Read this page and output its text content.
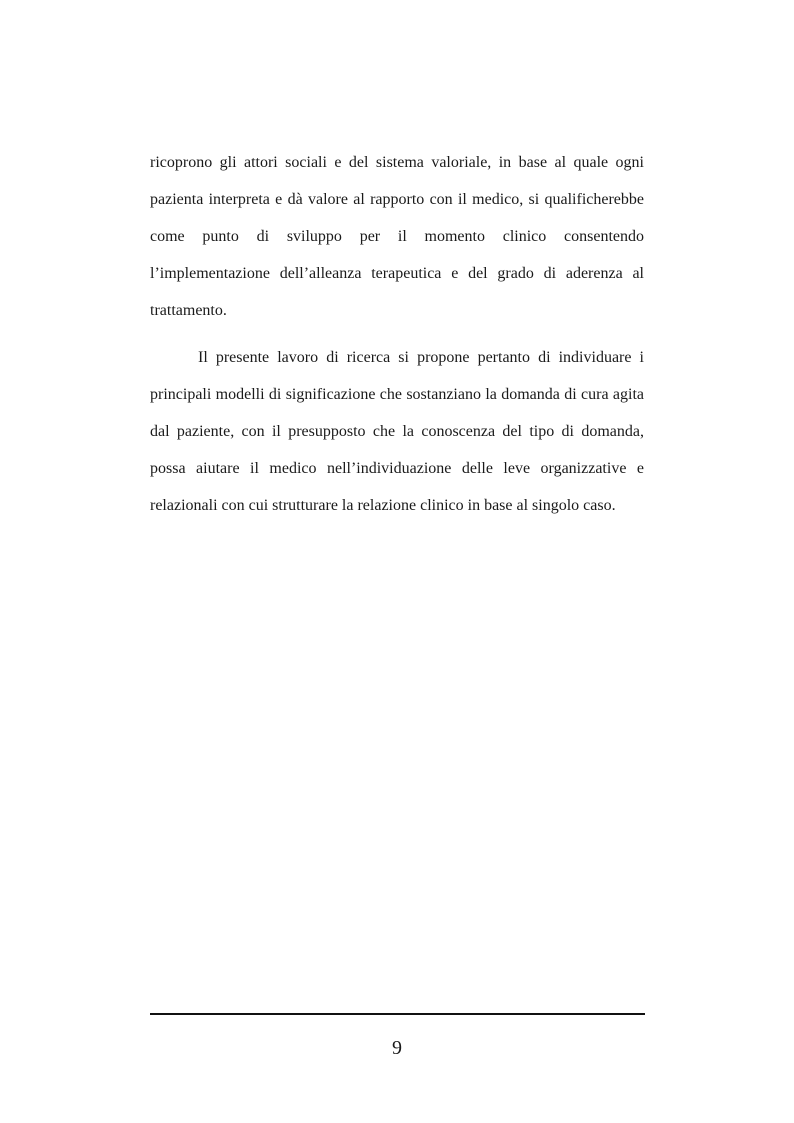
ricoprono gli attori sociali e del sistema valoriale, in base al quale ogni
pazienta interpreta e dà valore al rapporto con il medico, si qualificherebbe
come punto di sviluppo per il momento clinico consentendo
l’implementazione dell’alleanza terapeutica e del grado di aderenza al
trattamento.
Il presente lavoro di ricerca si propone pertanto di individuare i
principali modelli di significazione che sostanziano la domanda di cura agita
dal paziente, con il presupposto che la conoscenza del tipo di domanda,
possa aiutare il medico nell’individuazione delle leve organizzative e
relazionali con cui strutturare la relazione clinico in base al singolo caso.
9
